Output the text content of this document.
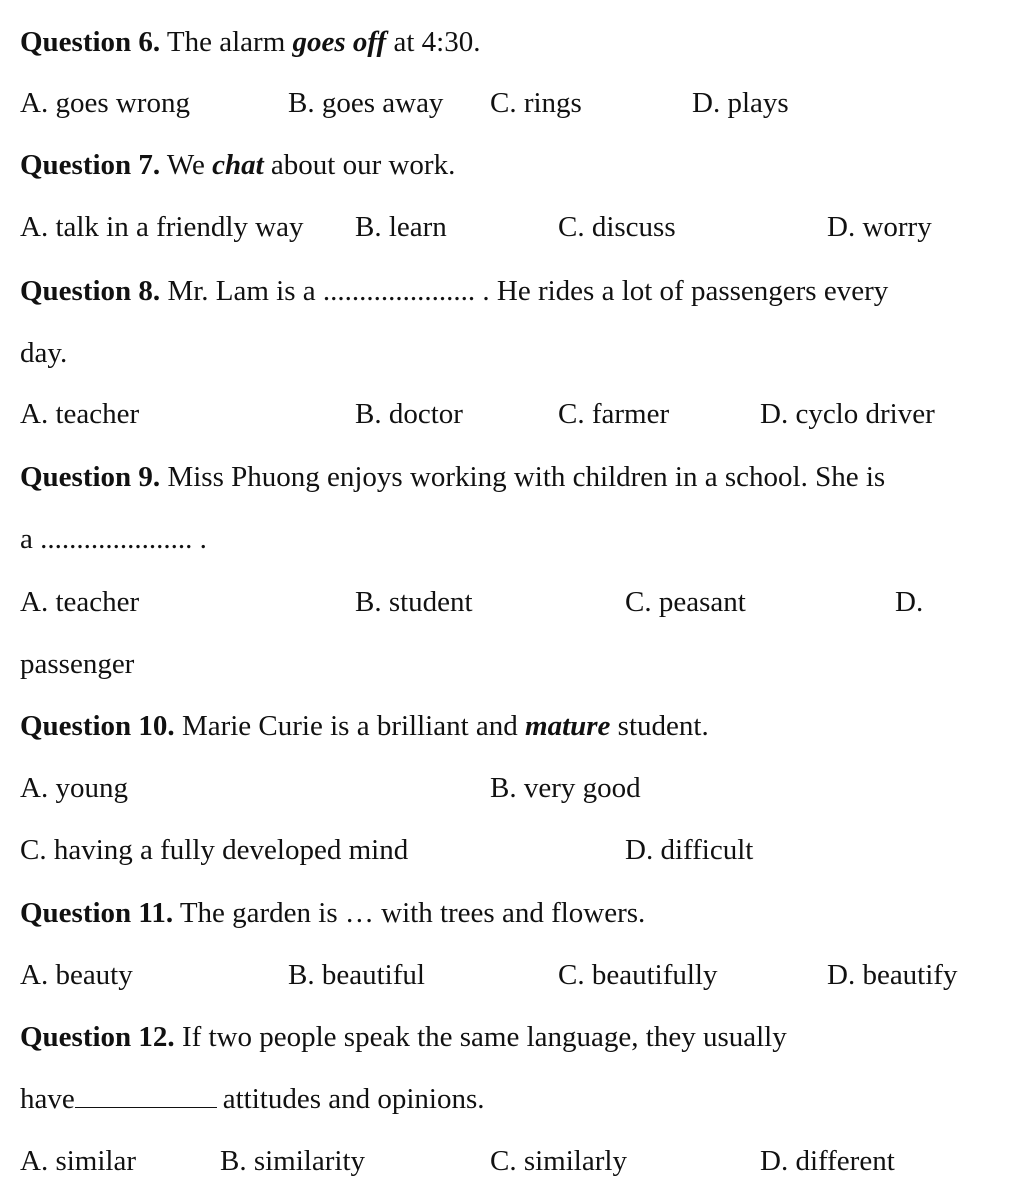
Question 6. The alarm goes off at 4:30.
A. goes wrong	B. goes away C. rings	D. plays
Question 7. We chat about our work.
A. talk in a friendly way B. learn	C. discuss	D. worry
Question 8. Mr. Lam is a ..................... . He rides a lot of passengers every
day.
A. teacher	B. doctor	C. farmer	D. cyclo driver
Question 9. Miss Phuong enjoys working with children in a school. She is
a ..................... .
A. teacher	B. student	C. peasant	D.
passenger
Question 10. Marie Curie is a brilliant and mature student.
A. young	B. very good
C. having a fully developed mind	D. difficult
Question 11. The garden is … with trees and flowers.
A. beauty	B. beautiful	C. beautifully	D. beautify
Question 12. If two people speak the same language, they usually
have	attitudes and opinions.
A. similar	B. similarity	C. similarly	D. different
